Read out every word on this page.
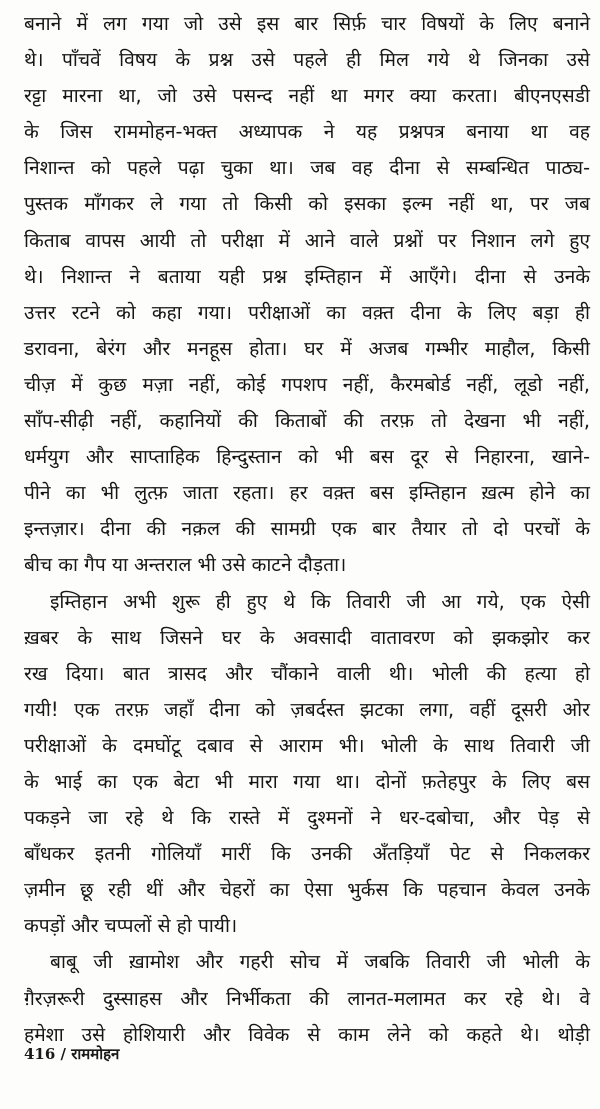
बनाने में लग गया जो उसे इस बार सिर्फ़ चार विषयों के लिए बनाने
थे। पाँचवें विषय के प्रश्न उसे पहले ही मिल गये थे जिनका उसे
रट्टा मारना था, जो उसे पसन्द नहीं था मगर क्या करता। बीएनएसडी
के जिस राममोहन-भक्त अध्यापक ने यह प्रश्नपत्र बनाया था वह
निशान्त को पहले पढ़ा चुका था। जब वह दीना से सम्बन्धित पाठ्य-
पुस्तक माँगकर ले गया तो किसी को इसका इल्म नहीं था, पर जब
किताब वापस आयी तो परीक्षा में आने वाले प्रश्नों पर निशान लगे हुए
थे। निशान्त ने बताया यही प्रश्न इम्तिहान में आएँगे। दीना से उनके
उत्तर रटने को कहा गया। परीक्षाओं का वक़्त दीना के लिए बड़ा ही
डरावना, बेरंग और मनहूस होता। घर में अजब गम्भीर माहौल, किसी
चीज़ में कुछ मज़ा नहीं, कोई गपशप नहीं, कैरमबोर्ड नहीं, लूडो नहीं,
साँप-सीढ़ी नहीं, कहानियों की किताबों की तरफ़ तो देखना भी नहीं,
धर्मयुग और साप्ताहिक हिन्दुस्तान को भी बस दूर से निहारना, खाने-
पीने का भी लुत्फ़ जाता रहता। हर वक़्त बस इम्तिहान ख़त्म होने का
इन्तज़ार। दीना की नक़ल की सामग्री एक बार तैयार तो दो परचों के
बीच का गैप या अन्तराल भी उसे काटने दौड़ता।
इम्तिहान अभी शुरू ही हुए थे कि तिवारी जी आ गये, एक ऐसी
ख़बर के साथ जिसने घर के अवसादी वातावरण को झकझोर कर
रख दिया। बात त्रासद और चौंकाने वाली थी। भोली की हत्या हो
गयी! एक तरफ़ जहाँ दीना को ज़बर्दस्त झटका लगा, वहीं दूसरी ओर
परीक्षाओं के दमघोंटू दबाव से आराम भी। भोली के साथ तिवारी जी
के भाई का एक बेटा भी मारा गया था। दोनों फ़तेहपुर के लिए बस
पकड़ने जा रहे थे कि रास्ते में दुश्मनों ने धर-दबोचा, और पेड़ से
बाँधकर इतनी गोलियाँ मारीं कि उनकी अँतड़ियाँ पेट से निकलकर
ज़मीन छू रही थीं और चेहरों का ऐसा भुर्कस कि पहचान केवल उनके
कपड़ों और चप्पलों से हो पायी।
बाबू जी ख़ामोश और गहरी सोच में जबकि तिवारी जी भोली के
ग़ैरज़रूरी दुस्साहस और निर्भीकता की लानत-मलामत कर रहे थे। वे
हमेशा उसे होशियारी और विवेक से काम लेने को कहते थे। थोड़ी
416 / राममोहन
